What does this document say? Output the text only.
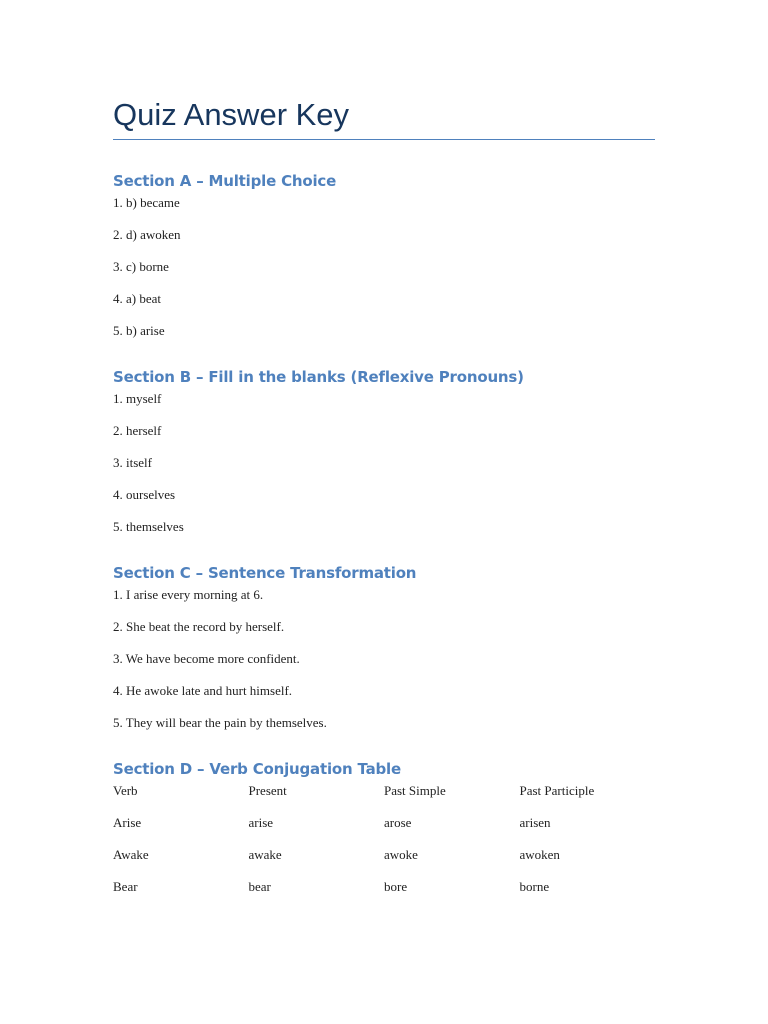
Quiz Answer Key
Section A – Multiple Choice

1. b) became

2. d) awoken

3. c) borne

4. a) beat

5. b) arise

Section B – Fill in the blanks (Reflexive Pronouns)

1. myself

2. herself

3. itself

4. ourselves

5. themselves

Section C – Sentence Transformation

1. I arise every morning at 6.

2. She beat the record by herself.

3. We have become more confident.

4. He awoke late and hurt himself.

5. They will bear the pain by themselves.

Section D – Verb Conjugation Table
Verb	Present	Past Simple	Past Participle
Arise	arise	arose	arisen
Awake	awake	awoke	awoken
Bear	bear	bore	borne
